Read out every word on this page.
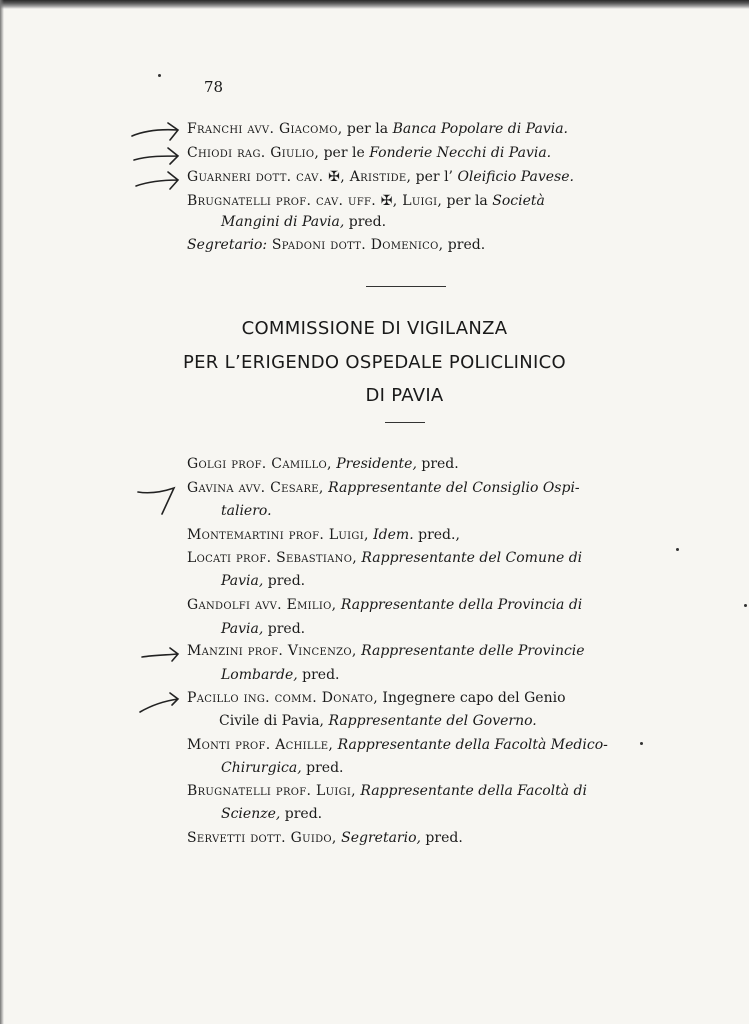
78
Franchi avv. Giacomo, per la Banca Popolare di Pavia.
Chiodi rag. Giulio, per le Fonderie Necchi di Pavia.
Guarneri dott. cav. ✠, Aristide, per l’ Oleificio Pavese.
Brugnatelli prof. cav. uff. ✠, Luigi, per la Società
Mangini di Pavia, pred.
Segretario: Spadoni dott. Domenico, pred.
COMMISSIONE DI VIGILANZA
PER L’ERIGENDO OSPEDALE POLICLINICO
DI PAVIA
Golgi prof. Camillo, Presidente, pred.
Gavina avv. Cesare, Rappresentante del Consiglio Ospi-
taliero.
Montemartini prof. Luigi, Idem. pred.,
Locati prof. Sebastiano, Rappresentante del Comune di
Pavia, pred.
Gandolfi avv. Emilio, Rappresentante della Provincia di
Pavia, pred.
Manzini prof. Vincenzo, Rappresentante delle Provincie
Lombarde, pred.
Pacillo ing. comm. Donato, Ingegnere capo del Genio
Civile di Pavia, Rappresentante del Governo.
Monti prof. Achille, Rappresentante della Facoltà Medico-
Chirurgica, pred.
Brugnatelli prof. Luigi, Rappresentante della Facoltà di
Scienze, pred.
Servetti dott. Guido, Segretario, pred.
